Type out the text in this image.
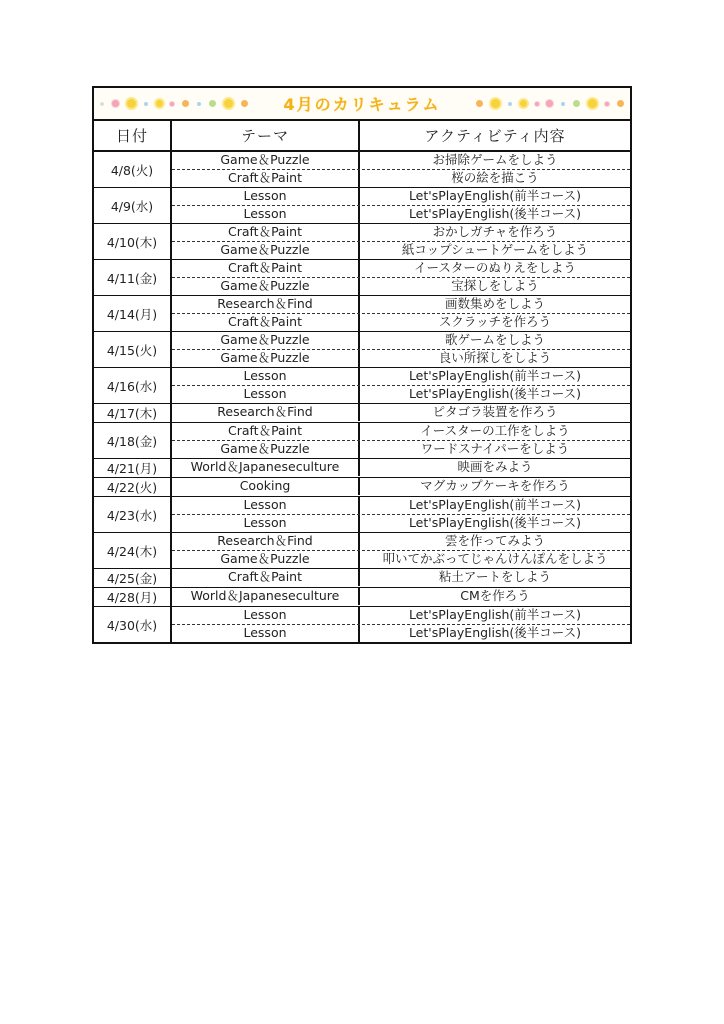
4月のカリキュラム
日付	テーマ	アクティビティ内容
4/8(火)
Game＆Puzzle	お掃除ゲームをしよう
Craft＆Paint	桜の絵を描こう
4/9(水)
Lesson	Let'sPlayEnglish(前半コース)
Lesson	Let'sPlayEnglish(後半コース)
4/10(木)
Craft＆Paint	おかしガチャを作ろう
Game＆Puzzle	紙コップシュートゲームをしよう
4/11(金)
Craft＆Paint	イースターのぬりえをしよう
Game＆Puzzle	宝探しをしよう
4/14(月)
Research＆Find	画数集めをしよう
Craft＆Paint	スクラッチを作ろう
4/15(火)
Game＆Puzzle	歌ゲームをしよう
Game＆Puzzle	良い所探しをしよう
4/16(水)
Lesson	Let'sPlayEnglish(前半コース)
Lesson	Let'sPlayEnglish(後半コース)
4/17(木)	Research＆Find	ピタゴラ装置を作ろう
4/18(金)
Craft＆Paint	イースターの工作をしよう
Game＆Puzzle	ワードスナイパーをしよう
4/21(月)	World＆Japaneseculture	映画をみよう
4/22(火)	Cooking	マグカップケーキを作ろう
4/23(水)
Lesson	Let'sPlayEnglish(前半コース)
Lesson	Let'sPlayEnglish(後半コース)
4/24(木)
Research＆Find	雲を作ってみよう
Game＆Puzzle	叩いてかぶってじゃんけんぽんをしよう
4/25(金)	Craft＆Paint	粘土アートをしよう
4/28(月)	World＆Japaneseculture	CMを作ろう
4/30(水)
Lesson	Let'sPlayEnglish(前半コース)
Lesson	Let'sPlayEnglish(後半コース)
